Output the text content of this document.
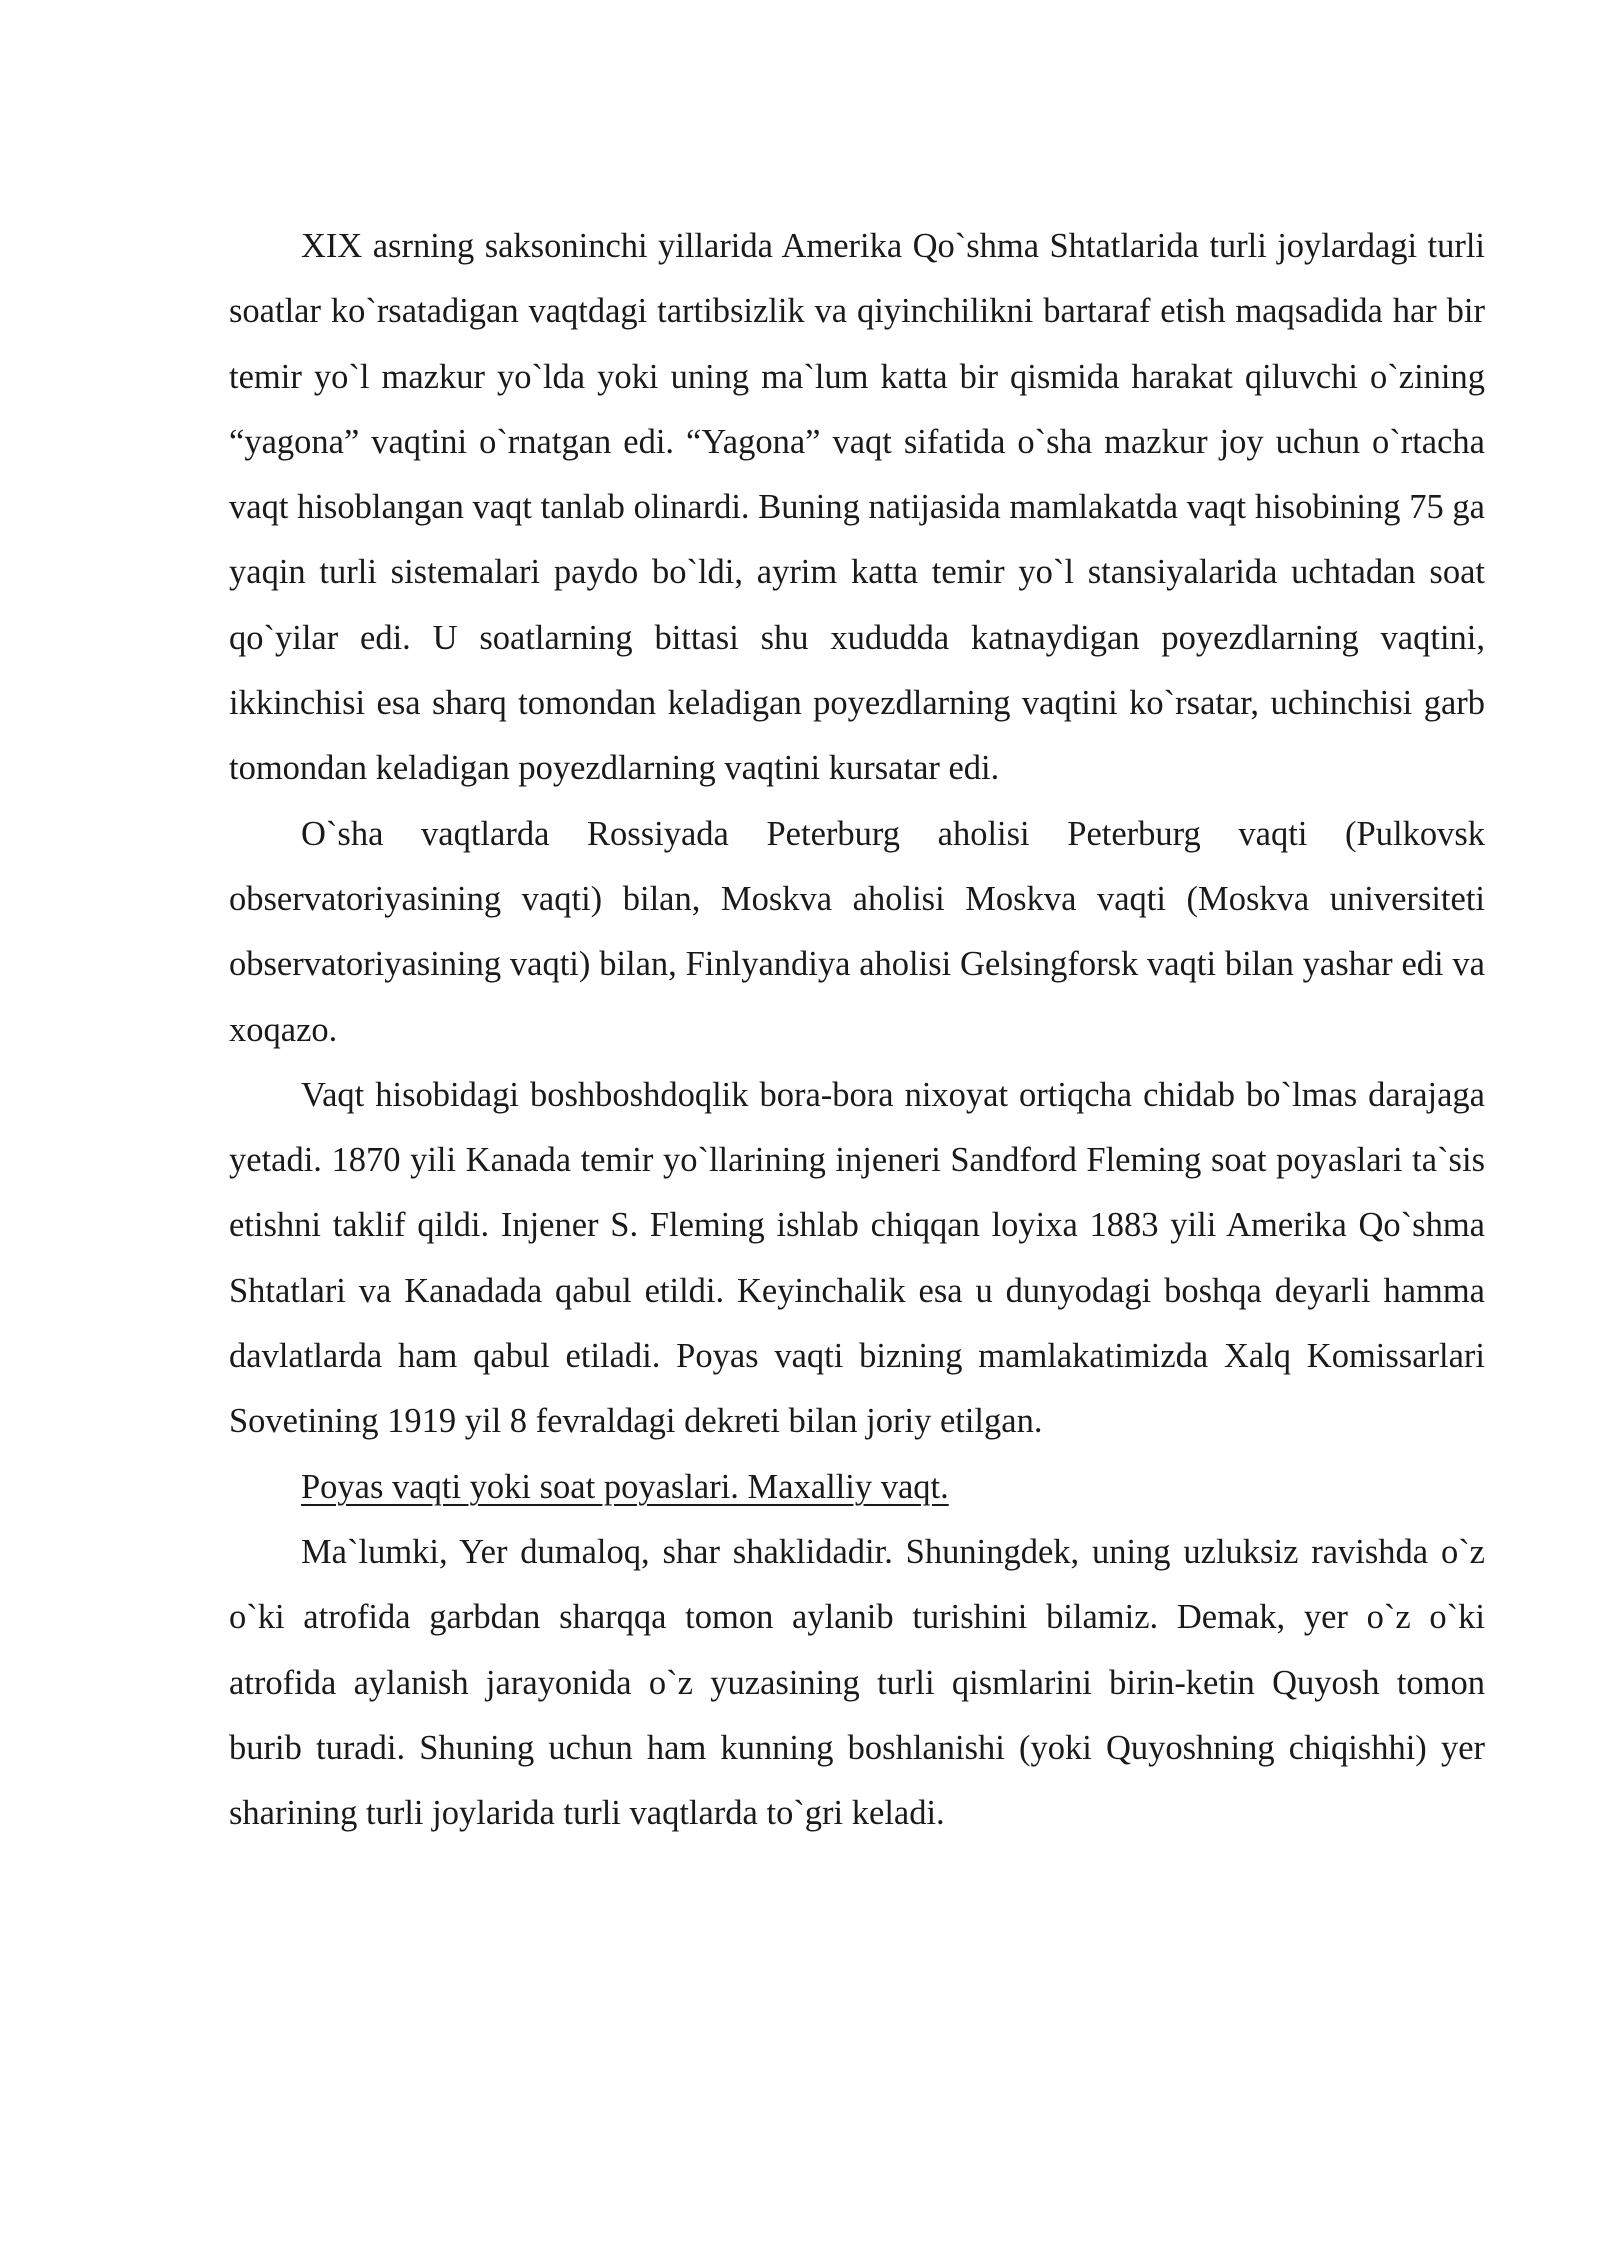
XIX asrning saksoninchi yillarida Amerika Qo`shma Shtatlarida turli joylardagi turli soatlar ko`rsatadigan vaqtdagi tartibsizlik va qiyinchilikni bartaraf etish maqsadida har bir temir yo`l mazkur yo`lda yoki uning ma`lum katta bir qismida harakat qiluvchi o`zining “yagona” vaqtini o`rnatgan edi. “Yagona” vaqt sifatida o`sha mazkur joy uchun o`rtacha vaqt hisoblangan vaqt tanlab olinardi. Buning natijasida mamlakatda vaqt hisobining 75 ga yaqin turli sistemalari paydo bo`ldi, ayrim katta temir yo`l stansiyalarida uchtadan soat qo`yilar edi. U soatlarning bittasi shu xududda katnaydigan poyezdlarning vaqtini, ikkinchisi esa sharq tomondan keladigan poyezdlarning vaqtini ko`rsatar, uchinchisi garb tomondan keladigan poyezdlarning vaqtini kursatar edi.

O`sha vaqtlarda Rossiyada Peterburg aholisi Peterburg vaqti (Pulkovsk observatoriyasining vaqti) bilan, Moskva aholisi Moskva vaqti (Moskva universiteti observatoriyasining vaqti) bilan, Finlyandiya aholisi Gelsingforsk vaqti bilan yashar edi va xoqazo.

Vaqt hisobidagi boshboshdoqlik bora-bora nixoyat ortiqcha chidab bo`lmas darajaga yetadi. 1870 yili Kanada temir yo`llarining injeneri Sandford Fleming soat poyaslari ta`sis etishni taklif qildi. Injener S. Fleming ishlab chiqqan loyixa 1883 yili Amerika Qo`shma Shtatlari va Kanadada qabul etildi. Keyinchalik esa u dunyodagi boshqa deyarli hamma davlatlarda ham qabul etiladi. Poyas vaqti bizning mamlakatimizda Xalq Komissarlari Sovetining 1919 yil 8 fevraldagi dekreti bilan joriy etilgan.

Poyas vaqti yoki soat poyaslari. Maxalliy vaqt.

Ma`lumki, Yer dumaloq, shar shaklidadir. Shuningdek, uning uzluksiz ravishda o`z o`ki atrofida garbdan sharqqa tomon aylanib turishini bilamiz. Demak, yer o`z o`ki atrofida aylanish jarayonida o`z yuzasining turli qismlarini birin-ketin Quyosh tomon burib turadi. Shuning uchun ham kunning boshlanishi (yoki Quyoshning chiqishhi) yer sharining turli joylarida turli vaqtlarda to`gri keladi.
